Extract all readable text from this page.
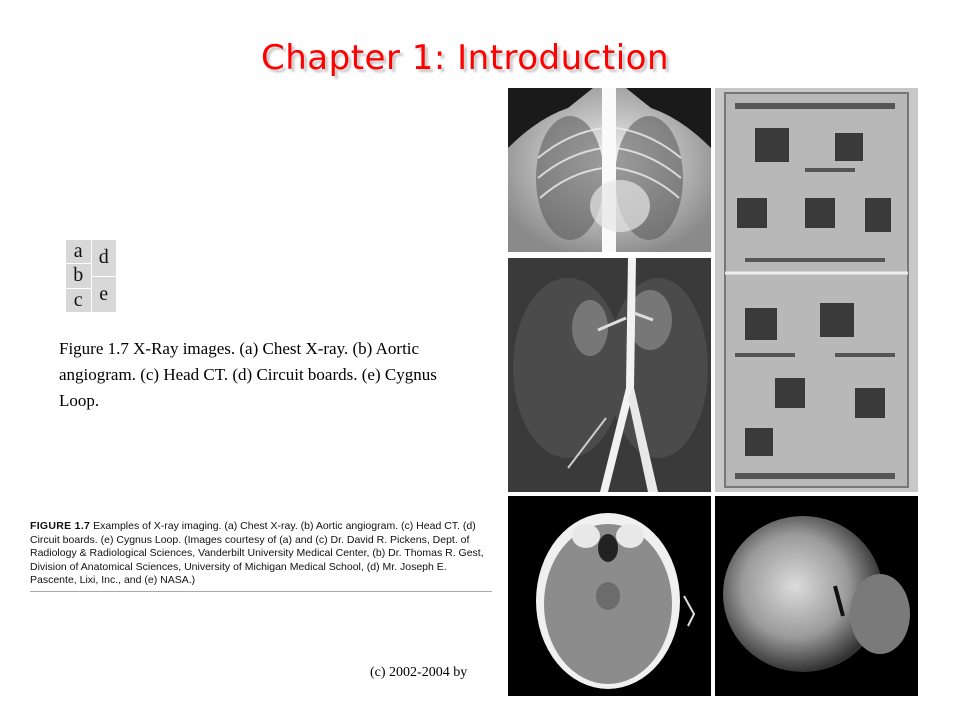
Chapter 1: Introduction
a
b
c
d
e
Figure 1.7 X-Ray images. (a) Chest X-ray. (b) Aortic angiogram. (c) Head CT. (d) Circuit boards. (e) Cygnus Loop.
FIGURE 1.7 Examples of X-ray imaging. (a) Chest X-ray. (b) Aortic angiogram. (c) Head CT. (d) Circuit boards. (e) Cygnus Loop. (Images courtesy of (a) and (c) Dr. David R. Pickens, Dept. of Radiology & Radiological Sciences, Vanderbilt University Medical Center, (b) Dr. Thomas R. Gest, Division of Anatomical Sciences, University of Michigan Medical School, (d) Mr. Joseph E. Pascente, Lixi, Inc., and (e) NASA.)
(c) 2002-2004 by
